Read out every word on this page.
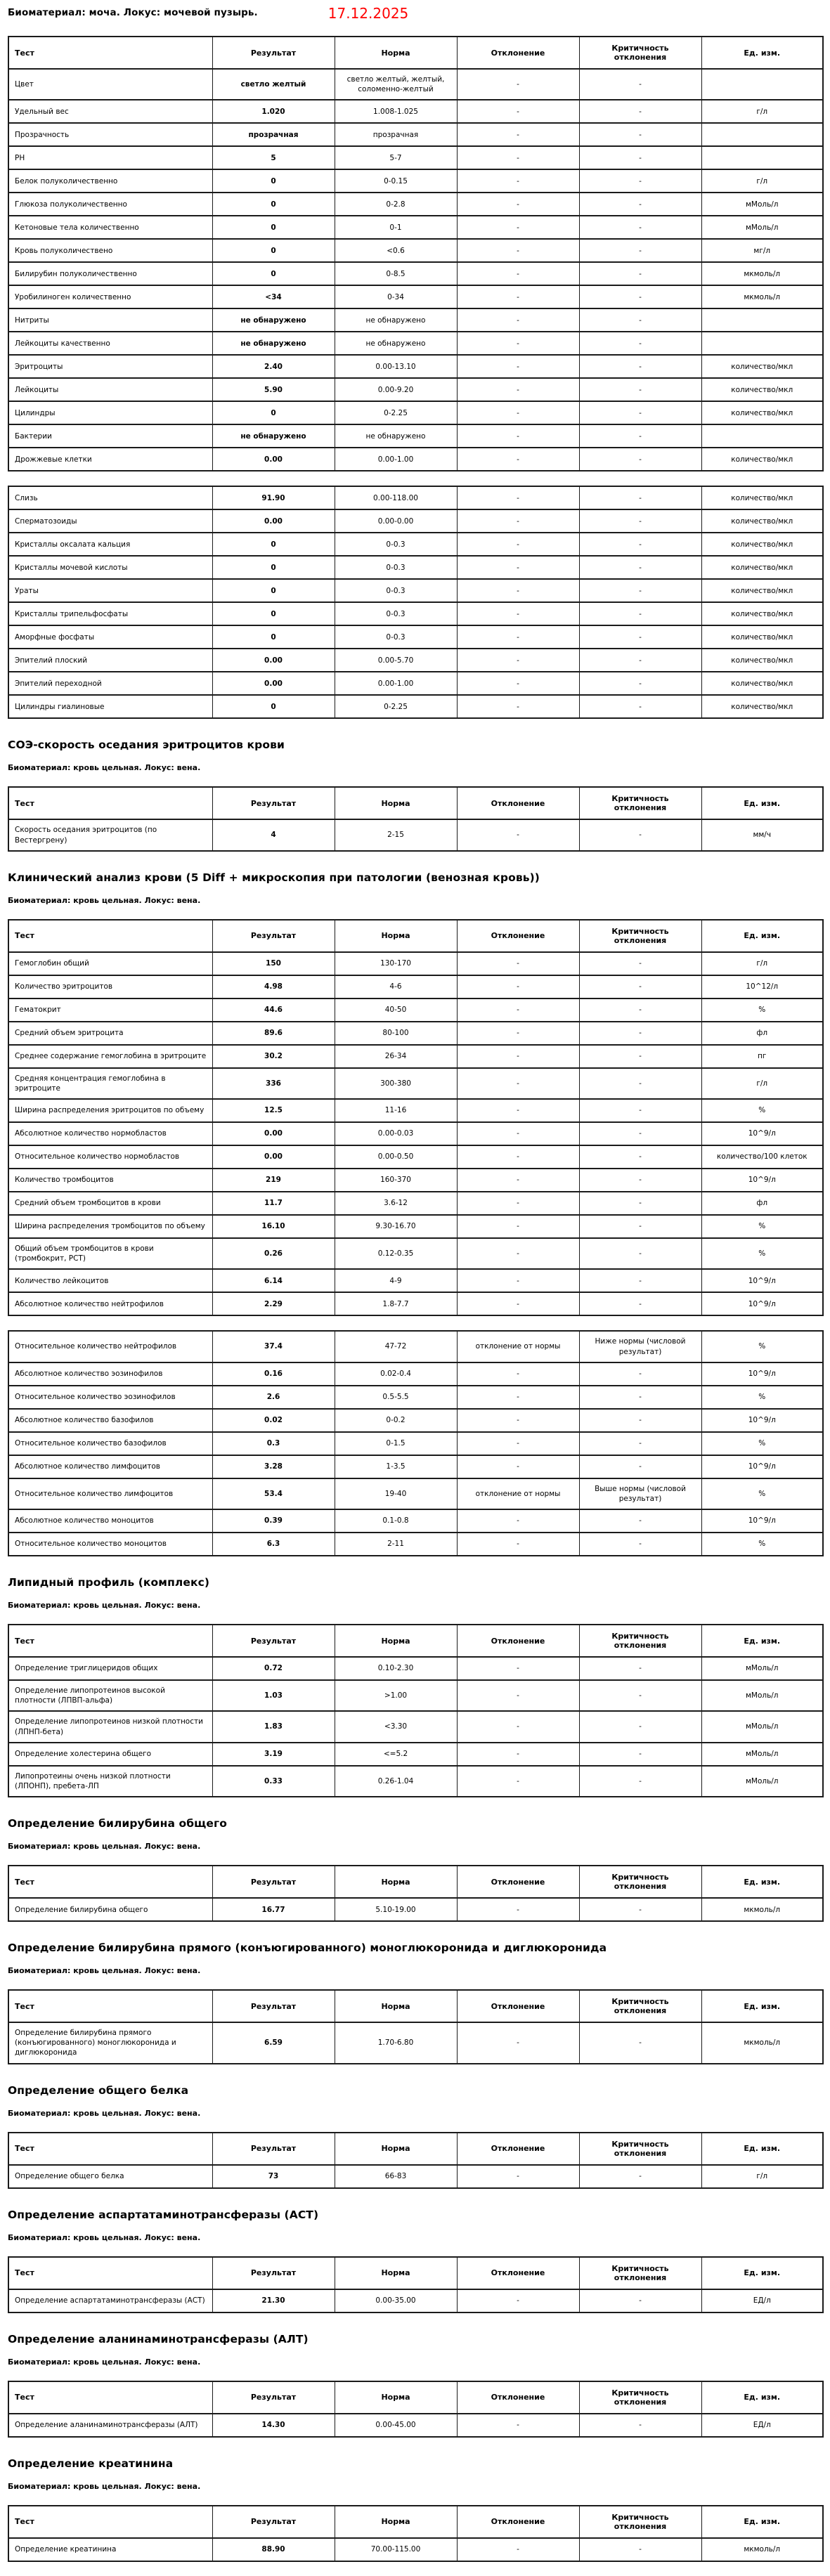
Биоматериал: моча. Локус: мочевой пузырь.	17.12.2025
Тест	Результат	Норма	Отклонение	Критичность отклонения	Ед. изм.
Цвет	светло желтый	светло желтый, желтый, соломенно-желтый	-	-	
Удельный вес	1.020	1.008-1.025	-	-	г/л
Прозрачность	прозрачная	прозрачная	-	-	
PH	5	5-7	-	-	
Белок полуколичественно	0	0-0.15	-	-	г/л
Глюкоза полуколичественно	0	0-2.8	-	-	мМоль/л
Кетоновые тела количественно	0	0-1	-	-	мМоль/л
Кровь полуколичествено	0	<0.6	-	-	мг/л
Билирубин полуколичественно	0	0-8.5	-	-	мкмоль/л
Уробилиноген количественно	<34	0-34	-	-	мкмоль/л
Нитриты	не обнаружено	не обнаружено	-	-	
Лейкоциты качественно	не обнаружено	не обнаружено	-	-	
Эритроциты	2.40	0.00-13.10	-	-	количество/мкл
Лейкоциты	5.90	0.00-9.20	-	-	количество/мкл
Цилиндры	0	0-2.25	-	-	количество/мкл
Бактерии	не обнаружено	не обнаружено	-	-	
Дрожжевые клетки	0.00	0.00-1.00	-	-	количество/мкл
Слизь	91.90	0.00-118.00	-	-	количество/мкл
Сперматозоиды	0.00	0.00-0.00	-	-	количество/мкл
Кристаллы оксалата кальция	0	0-0.3	-	-	количество/мкл
Кристаллы мочевой кислоты	0	0-0.3	-	-	количество/мкл
Ураты	0	0-0.3	-	-	количество/мкл
Кристаллы трипельфосфаты	0	0-0.3	-	-	количество/мкл
Аморфные фосфаты	0	0-0.3	-	-	количество/мкл
Эпителий плоский	0.00	0.00-5.70	-	-	количество/мкл
Эпителий переходной	0.00	0.00-1.00	-	-	количество/мкл
Цилиндры гиалиновые	0	0-2.25	-	-	количество/мкл
СОЭ-скорость оседания эритроцитов крови
Биоматериал: кровь цельная. Локус: вена.
Тест	Результат	Норма	Отклонение	Критичность отклонения	Ед. изм.
Скорость оседания эритроцитов (по Вестергрену)	4	2-15	-	-	мм/ч
Клинический анализ крови (5 Diff + микроскопия при патологии (венозная кровь))
Биоматериал: кровь цельная. Локус: вена.
Тест	Результат	Норма	Отклонение	Критичность отклонения	Ед. изм.
Гемоглобин общий	150	130-170	-	-	г/л
Количество эритроцитов	4.98	4-6	-	-	10^12/л
Гематокрит	44.6	40-50	-	-	%
Средний объем эритроцита	89.6	80-100	-	-	фл
Среднее содержание гемоглобина в эритроците	30.2	26-34	-	-	пг
Средняя концентрация гемоглобина в эритроците	336	300-380	-	-	г/л
Ширина распределения эритроцитов по объему	12.5	11-16	-	-	%
Абсолютное количество нормобластов	0.00	0.00-0.03	-	-	10^9/л
Относительное количество нормобластов	0.00	0.00-0.50	-	-	количество/100 клеток
Количество тромбоцитов	219	160-370	-	-	10^9/л
Средний объем тромбоцитов в крови	11.7	3.6-12	-	-	фл
Ширина распределения тромбоцитов по объему	16.10	9.30-16.70	-	-	%
Общий объем тромбоцитов в крови (тромбокрит, PCT)	0.26	0.12-0.35	-	-	%
Количество лейкоцитов	6.14	4-9	-	-	10^9/л
Абсолютное количество нейтрофилов	2.29	1.8-7.7	-	-	10^9/л
Относительное количество нейтрофилов	37.4	47-72	отклонение от нормы	Ниже нормы (числовой результат)	%
Абсолютное количество эозинофилов	0.16	0.02-0.4	-	-	10^9/л
Относительное количество эозинофилов	2.6	0.5-5.5	-	-	%
Абсолютное количество базофилов	0.02	0-0.2	-	-	10^9/л
Относительное количество базофилов	0.3	0-1.5	-	-	%
Абсолютное количество лимфоцитов	3.28	1-3.5	-	-	10^9/л
Относительное количество лимфоцитов	53.4	19-40	отклонение от нормы	Выше нормы (числовой результат)	%
Абсолютное количество моноцитов	0.39	0.1-0.8	-	-	10^9/л
Относительное количество моноцитов	6.3	2-11	-	-	%
Липидный профиль (комплекс)
Биоматериал: кровь цельная. Локус: вена.
Тест	Результат	Норма	Отклонение	Критичность отклонения	Ед. изм.
Определение триглицеридов общих	0.72	0.10-2.30	-	-	мМоль/л
Определение липопротеинов высокой плотности (ЛПВП-альфа)	1.03	>1.00	-	-	мМоль/л
Определение липопротеинов низкой плотности (ЛПНП-бета)	1.83	<3.30	-	-	мМоль/л
Определение холестерина общего	3.19	<=5.2	-	-	мМоль/л
Липопротеины очень низкой плотности (ЛПОНП), пребета-ЛП	0.33	0.26-1.04	-	-	мМоль/л
Определение билирубина общего
Биоматериал: кровь цельная. Локус: вена.
Тест	Результат	Норма	Отклонение	Критичность отклонения	Ед. изм.
Определение билирубина общего	16.77	5.10-19.00	-	-	мкмоль/л
Определение билирубина прямого (конъюгированного) моноглюкоронида и диглюкоронида
Биоматериал: кровь цельная. Локус: вена.
Тест	Результат	Норма	Отклонение	Критичность отклонения	Ед. изм.
Определение билирубина прямого (конъюгированного) моноглюкоронида и диглюкоронида	6.59	1.70-6.80	-	-	мкмоль/л
Определение общего белка
Биоматериал: кровь цельная. Локус: вена.
Тест	Результат	Норма	Отклонение	Критичность отклонения	Ед. изм.
Определение общего белка	73	66-83	-	-	г/л
Определение аспартатаминотрансферазы (АСТ)
Биоматериал: кровь цельная. Локус: вена.
Тест	Результат	Норма	Отклонение	Критичность отклонения	Ед. изм.
Определение аспартатаминотрансферазы (АСТ)	21.30	0.00-35.00	-	-	ЕД/л
Определение аланинаминотрансферазы (АЛТ)
Биоматериал: кровь цельная. Локус: вена.
Тест	Результат	Норма	Отклонение	Критичность отклонения	Ед. изм.
Определение аланинаминотрансферазы (АЛТ)	14.30	0.00-45.00	-	-	ЕД/л
Определение креатинина
Биоматериал: кровь цельная. Локус: вена.
Тест	Результат	Норма	Отклонение	Критичность отклонения	Ед. изм.
Определение креатинина	88.90	70.00-115.00	-	-	мкмоль/л
